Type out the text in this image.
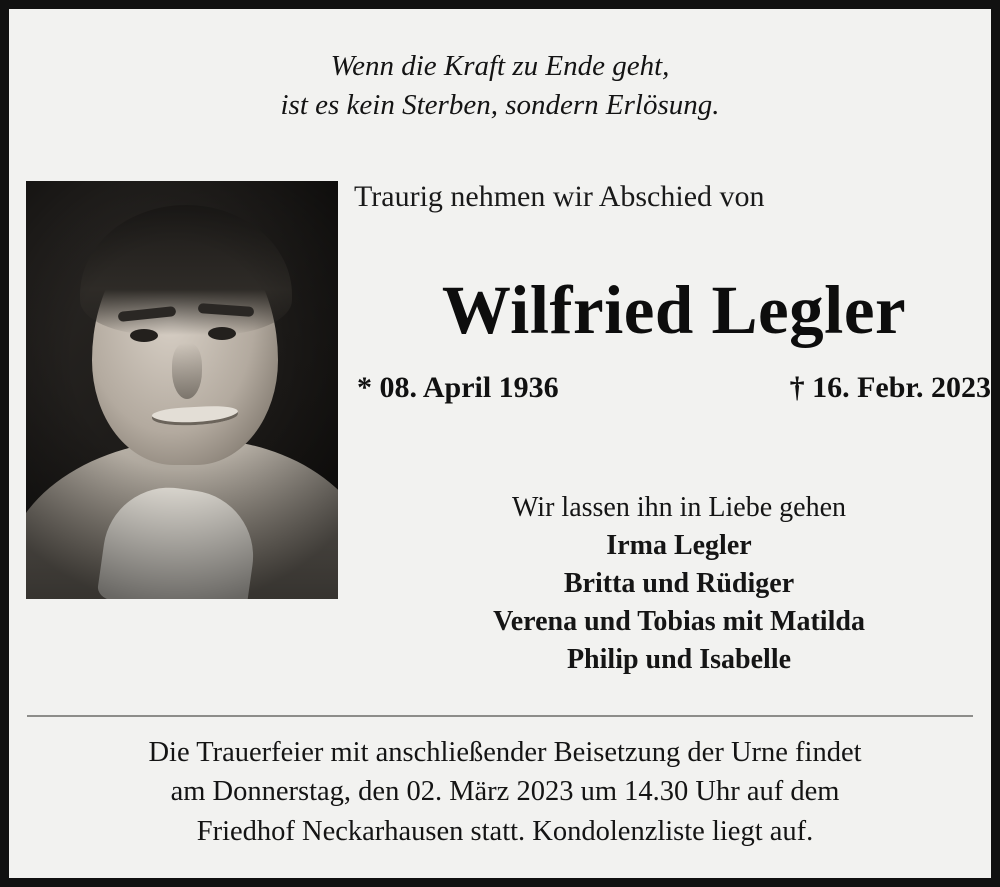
Wenn die Kraft zu Ende geht,
ist es kein Sterben, sondern Erlösung.
Traurig nehmen wir Abschied von
Wilfried Legler
* 08. April 1936	† 16. Febr. 2023
Wir lassen ihn in Liebe gehen
Irma Legler
Britta und Rüdiger
Verena und Tobias mit Matilda
Philip und Isabelle
Die Trauerfeier mit anschließender Beisetzung der Urne findet
am Donnerstag, den 02. März 2023 um 14.30 Uhr auf dem
Friedhof Neckarhausen statt. Kondolenzliste liegt auf.
